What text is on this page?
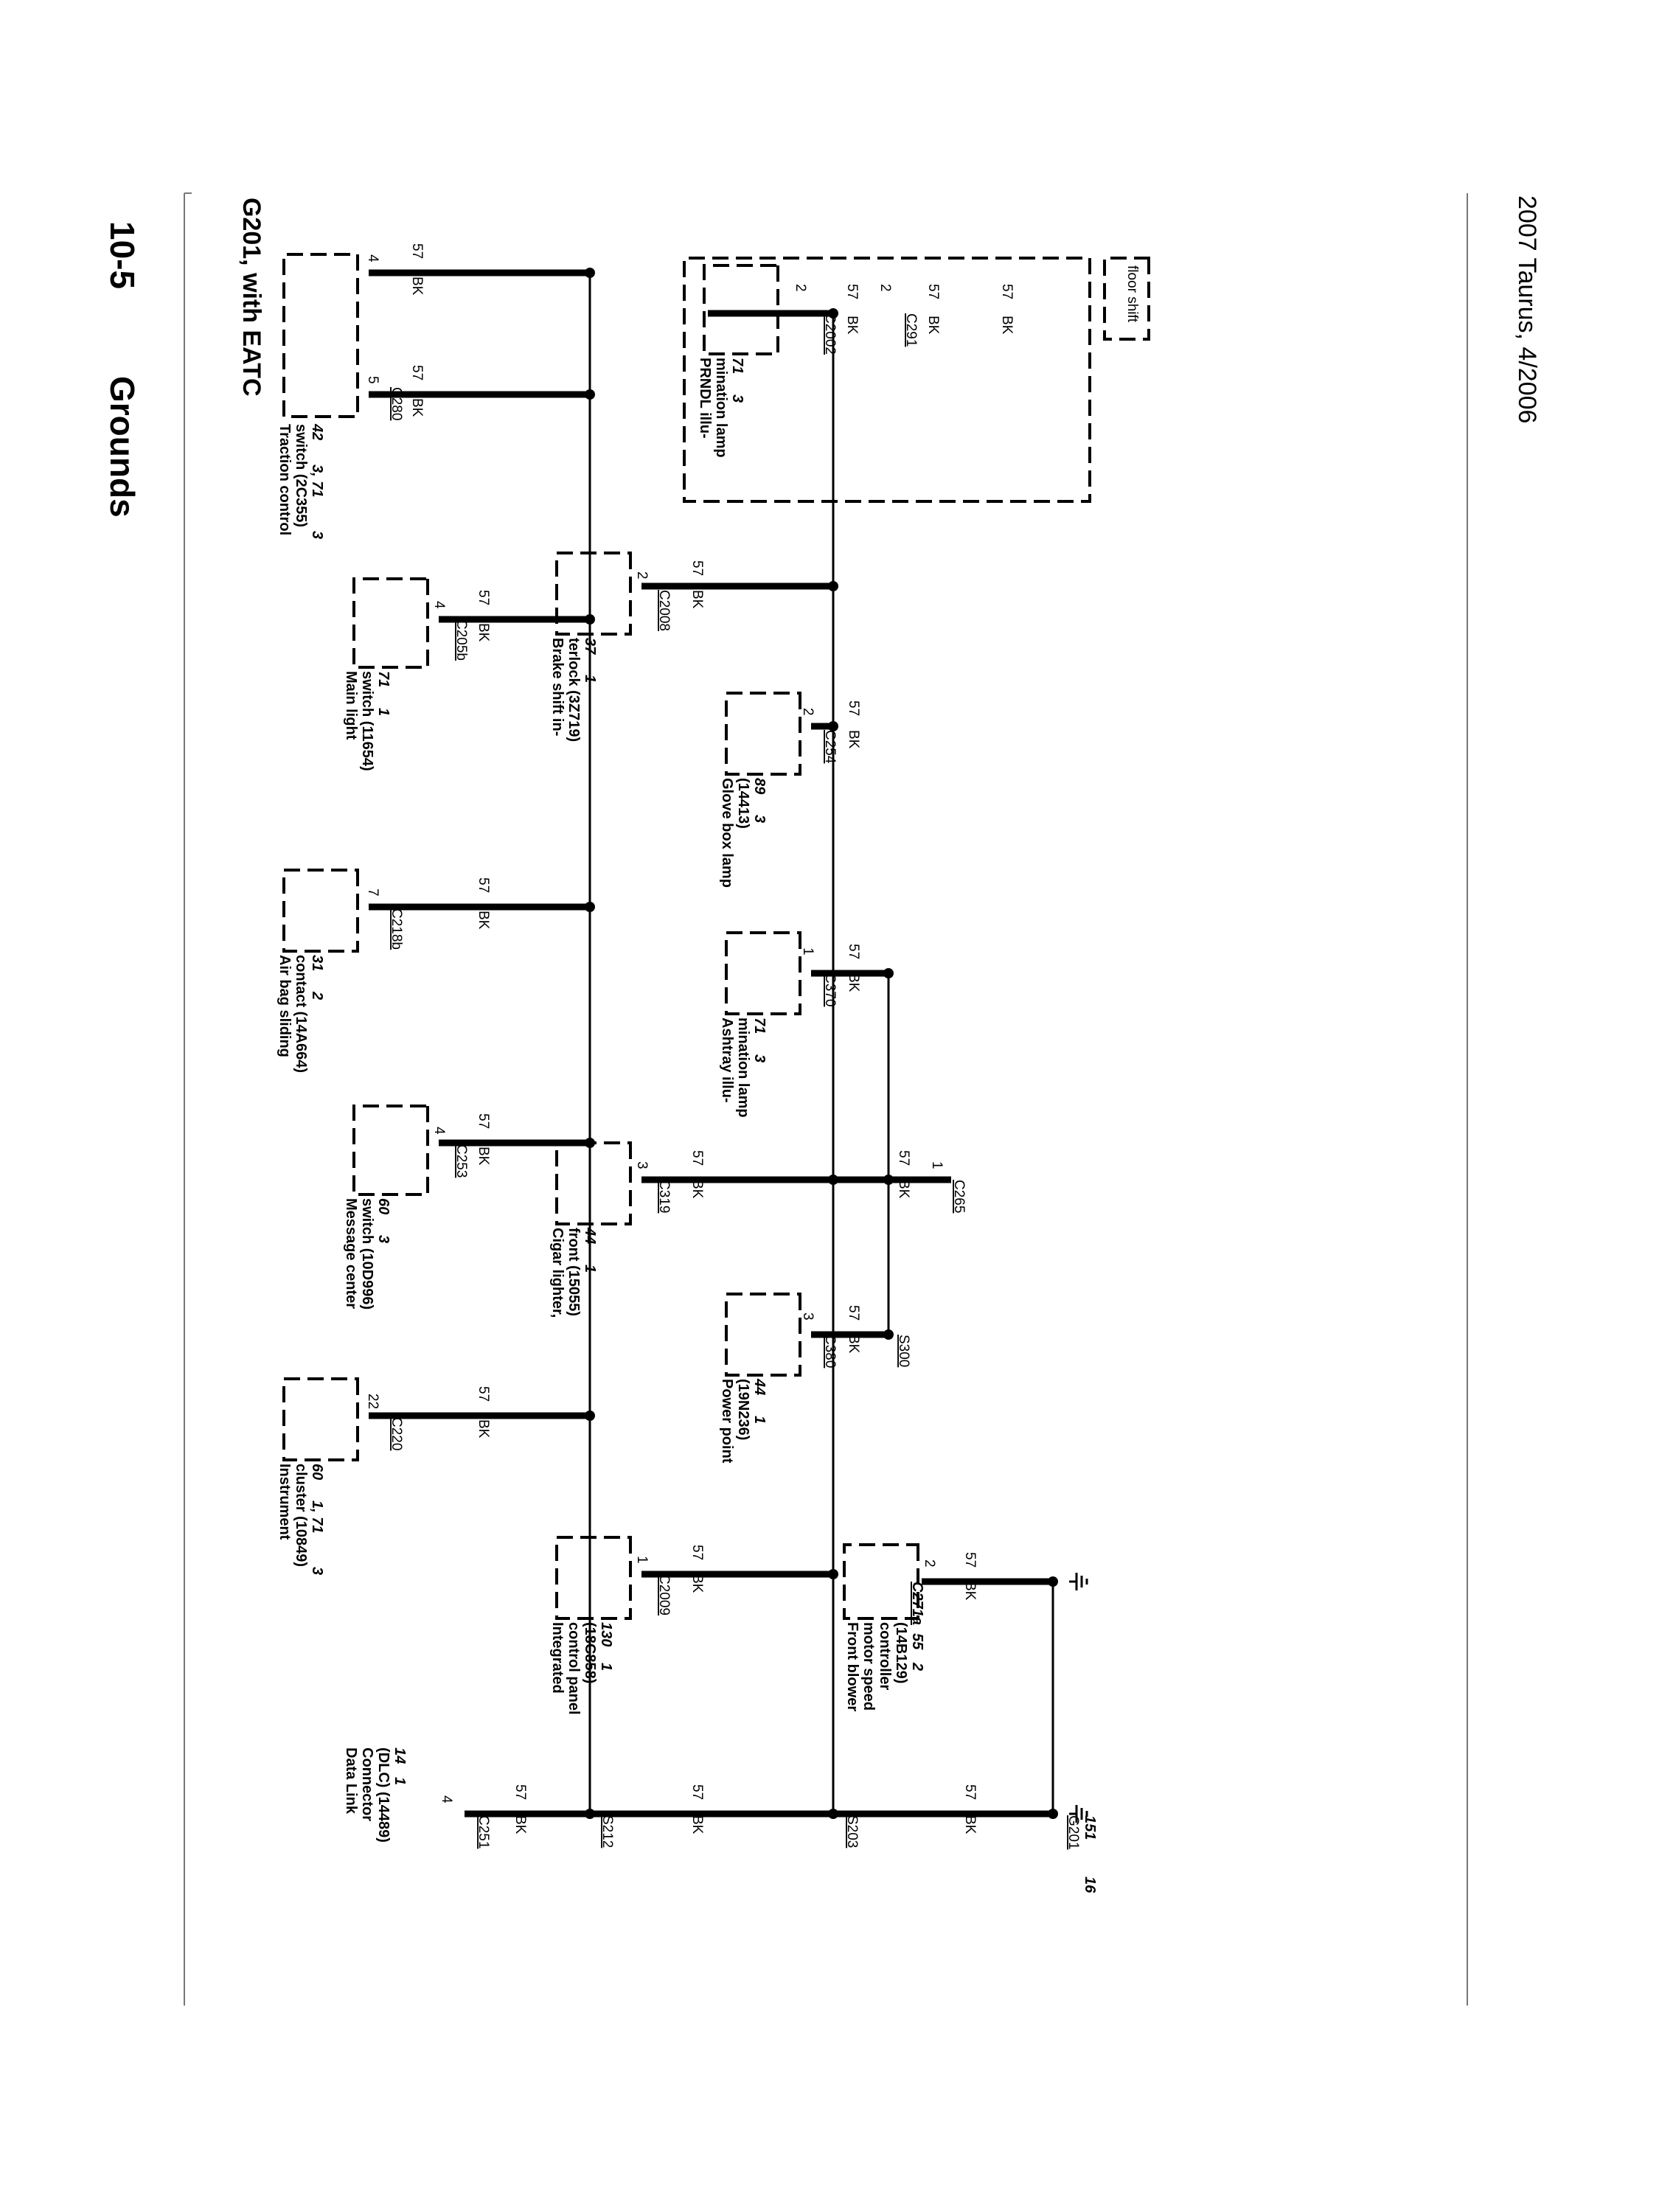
10-5
Grounds
G201, with EATC	2007 Taurus, 4/2006
Traction control switch (2C355) 42
3, 71
3
4
5
C280
57
BK
57
BK
Main light switch (11654) 71
1
4
C205b
57
BK
Air bag sliding contact (14A664) 31
2
7
C218b
57
BK
Message center switch (10D996) 60
3
4
C253
57
BK
Instrument cluster (10849) 60
1, 71
3
22
C220
57
BK
Data Link Connector (DLC) (14489) 14
1
4
C251
57
BK	S212
PRNDL illu- mination lamp 71
3
2
C2002
57
BK
2
C291
57
BK
57
BK
floor shift
Brake shift in- terlock (3Z719) 37
1
2
C2008
57
BK
Glove box lamp (14413) 89
3
2
C254
57
BK
Ashtray illu- mination lamp 71
3
1
C370
57
BK
Cigar lighter, front (15055) 44
1
3
C319
57
BK
1
C265
57
BK
Power point (19N236) 44
1
3
C380
57
BK S300
Integrated control panel (18C858) 130
1
1
C2009
57
BK
57
BK	S203
Front blower motor speed controller (14B129)
C271a
55
2
2 57
BK
57
BK	G201 151
16
